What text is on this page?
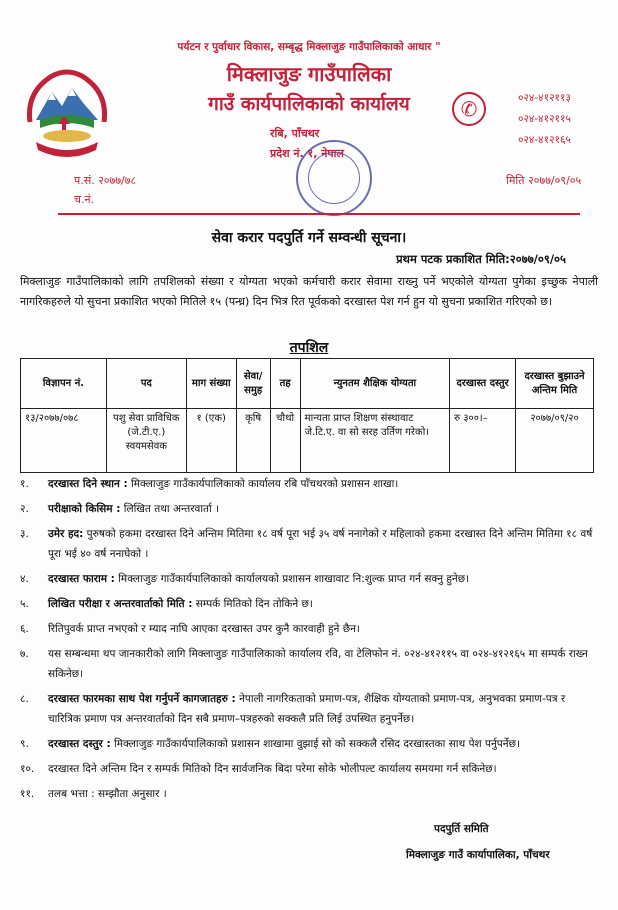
पर्यटन र पुर्वाधार विकास, सम्बृद्ध मिक्लाजुङ गाउँपालिकाको आधार "
मिक्लाजुङ गाउँपालिका
गाउँ कार्यपालिकाको कार्यालय
रबि, पाँचथर
प्रदेश नं. १, नेपाल
✆	०२४-४१२११३
०२४-४१२११५
०२४-४१२१६५
प.सं. २०७७/७८
च.नं.
मिति २०७७/०९/०५
सेवा करार पदपुर्ति गर्ने सम्वन्धी सूचना।
प्रथम पटक प्रकाशित मिति:२०७७/०९/०५
मिक्लाजुङ गाउँपालिकाको लागि तपशिलको संख्या र योग्यता भएको कर्मचारी करार सेवामा राख्नु पर्ने भएकोले योग्यता पुगेका इच्छुक नेपाली नागरिकहरुले यो सुचना प्रकाशित भएको मितिले १५ (पन्ध्र) दिन भित्र रित पूर्वकको दरखास्त पेश गर्न हुन यो सुचना प्रकाशित गरिएको छ।
तपशिल
विज्ञापन नं.	पद	माग संख्या	सेवा/ समुह	तह	न्युनतम शैक्षिक योग्यता	दरखास्त दस्तुर	दरखास्त बुझाउने अन्तिम मिति
१३/२०७७/०७८	पशु सेवा प्राविधिक (जे.टी.ए.) स्वयमसेवक	१ (एक)	कृषि	चौथो	मान्यता प्राप्त शिक्षण संस्थावाट जे.टि.ए. वा सो सरह उर्तिण गरेको।	रु ३००।–	२०७७/०९/२०
१.	दरखास्त दिने स्थान : मिक्लाजुङ गाउँकार्यपालिकाको कार्यालय रबि पाँचथरको प्रशासन शाखा।
२.	परीक्षाको किसिम : लिखित तथा अन्तरवार्ता ।
३.	उमेर हद: पुरुषको हकमा दरखास्त दिने अन्तिम मितिमा १८ वर्ष पूरा भई ३५ वर्ष ननागेको र महिलाको हकमा दरखास्त दिने अन्तिम मितिमा १८ वर्ष पूरा भई ४० वर्ष ननाघेको ।
४.	दरखास्त फाराम : मिक्लाजुङ गाउँकार्यपालिकाको कार्यालयको प्रशासन शाखावाट नि:शुल्क प्राप्त गर्न सक्नु हुनेछ।
५.	लिखित परीक्षा र अन्तरवार्ताको मिति : सम्पर्क मितिको दिन तोकिने छ।
६.	रितिपुवर्क प्राप्त नभएको र म्याद नाघि आएका दरखास्त उपर कुनै कारवाही हुने छैन।
७.	यस सम्बन्धमा थप जानकारीको लागि मिक्लाजुङ गाउँपालिकाको कार्यालय रवि, वा टेलिफोन नं. ०२४-४१२११५ वा ०२४-४१२१६५ मा सम्पर्क राख्न सकिनेछ।
८.	दरखास्त फारमका साथ पेश गर्नुपर्ने कागजातहरु : नेपाली नागरिकताको प्रमाण-पत्र, शैक्षिक योग्यताको प्रमाण-पत्र, अनुभवका प्रमाण-पत्र र चारित्रिक प्रमाण पत्र अन्तरवार्ताको दिन सबै प्रमाण–पत्रहरुको सक्कलै प्रति लिई उपस्थित हनुपर्नेछ।
९.	दरखास्त दस्तुर : मिक्लाजुङ गाउँकार्यपालिकाको प्रशासन शाखामा वुझाई सो को सक्कलै रसिद दरखास्तका साथ पेश पर्नुपर्नेछ।
१०.	दरखास्त दिने अन्तिम दिन र सम्पर्क मितिको दिन सार्वजनिक बिदा परेमा सोके भोलीपल्ट कार्यालय समयमा गर्न सकिनेछ।
११.	तलब भत्ता : सम्झौता अनुसार ।
पदपुर्ति समिति
मिक्लाजुङ गाउँ कार्यापालिका, पाँचथर
